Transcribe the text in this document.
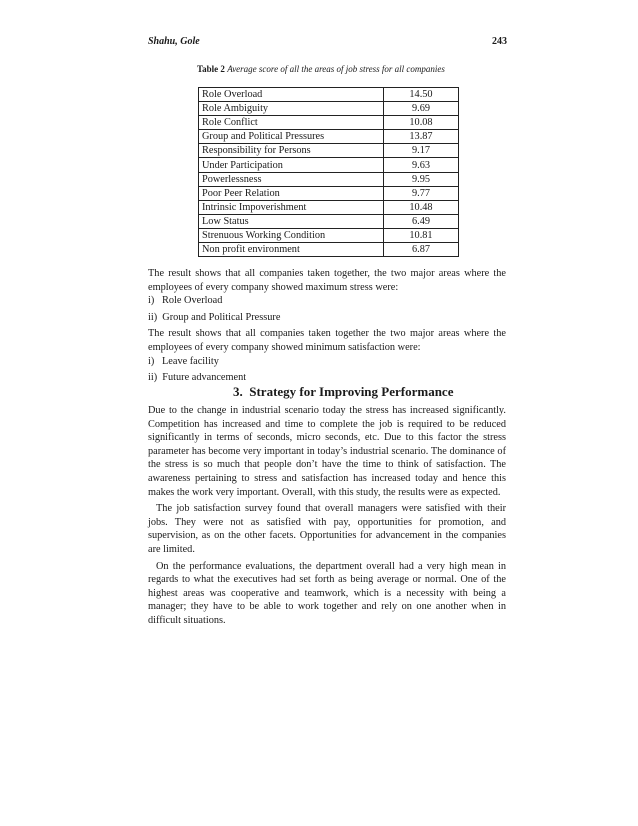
Shahu, Gole	243
Table 2 Average score of all the areas of job stress for all companies
Role Overload	14.50
Role Ambiguity	9.69
Role Conflict	10.08
Group and Political Pressures	13.87
Responsibility for Persons	9.17
Under Participation	9.63
Powerlessness	9.95
Poor Peer Relation	9.77
Intrinsic Impoverishment	10.48
Low Status	6.49
Strenuous Working Condition	10.81
Non profit environment	6.87

The result shows that all companies taken together, the two major areas where the employees of every company showed maximum stress were:

i)   Role Overload

ii)  Group and Political Pressure

The result shows that all companies taken together the two major areas where the employees of every company showed minimum satisfaction were:

i)   Leave facility

ii)  Future advancement

3.  Strategy for Improving Performance

Due to the change in industrial scenario today the stress has increased significantly. Competition has increased and time to complete the job is required to be reduced significantly in terms of seconds, micro seconds, etc. Due to this factor the stress parameter has become very important in today’s industrial scenario. The dominance of the stress is so much that people don’t have the time to think of satisfaction. The awareness pertaining to stress and satisfaction has increased today and hence this makes the work very important. Overall, with this study, the results were as expected.

The job satisfaction survey found that overall managers were satisfied with their jobs. They were not as satisfied with pay, opportunities for promotion, and supervision, as on the other facets. Opportunities for advancement in the companies are limited.

On the performance evaluations, the department overall had a very high mean in regards to what the executives had set forth as being average or normal. One of the highest areas was cooperative and teamwork, which is a necessity with being a manager; they have to be able to work together and rely on one another when in difficult situations.
